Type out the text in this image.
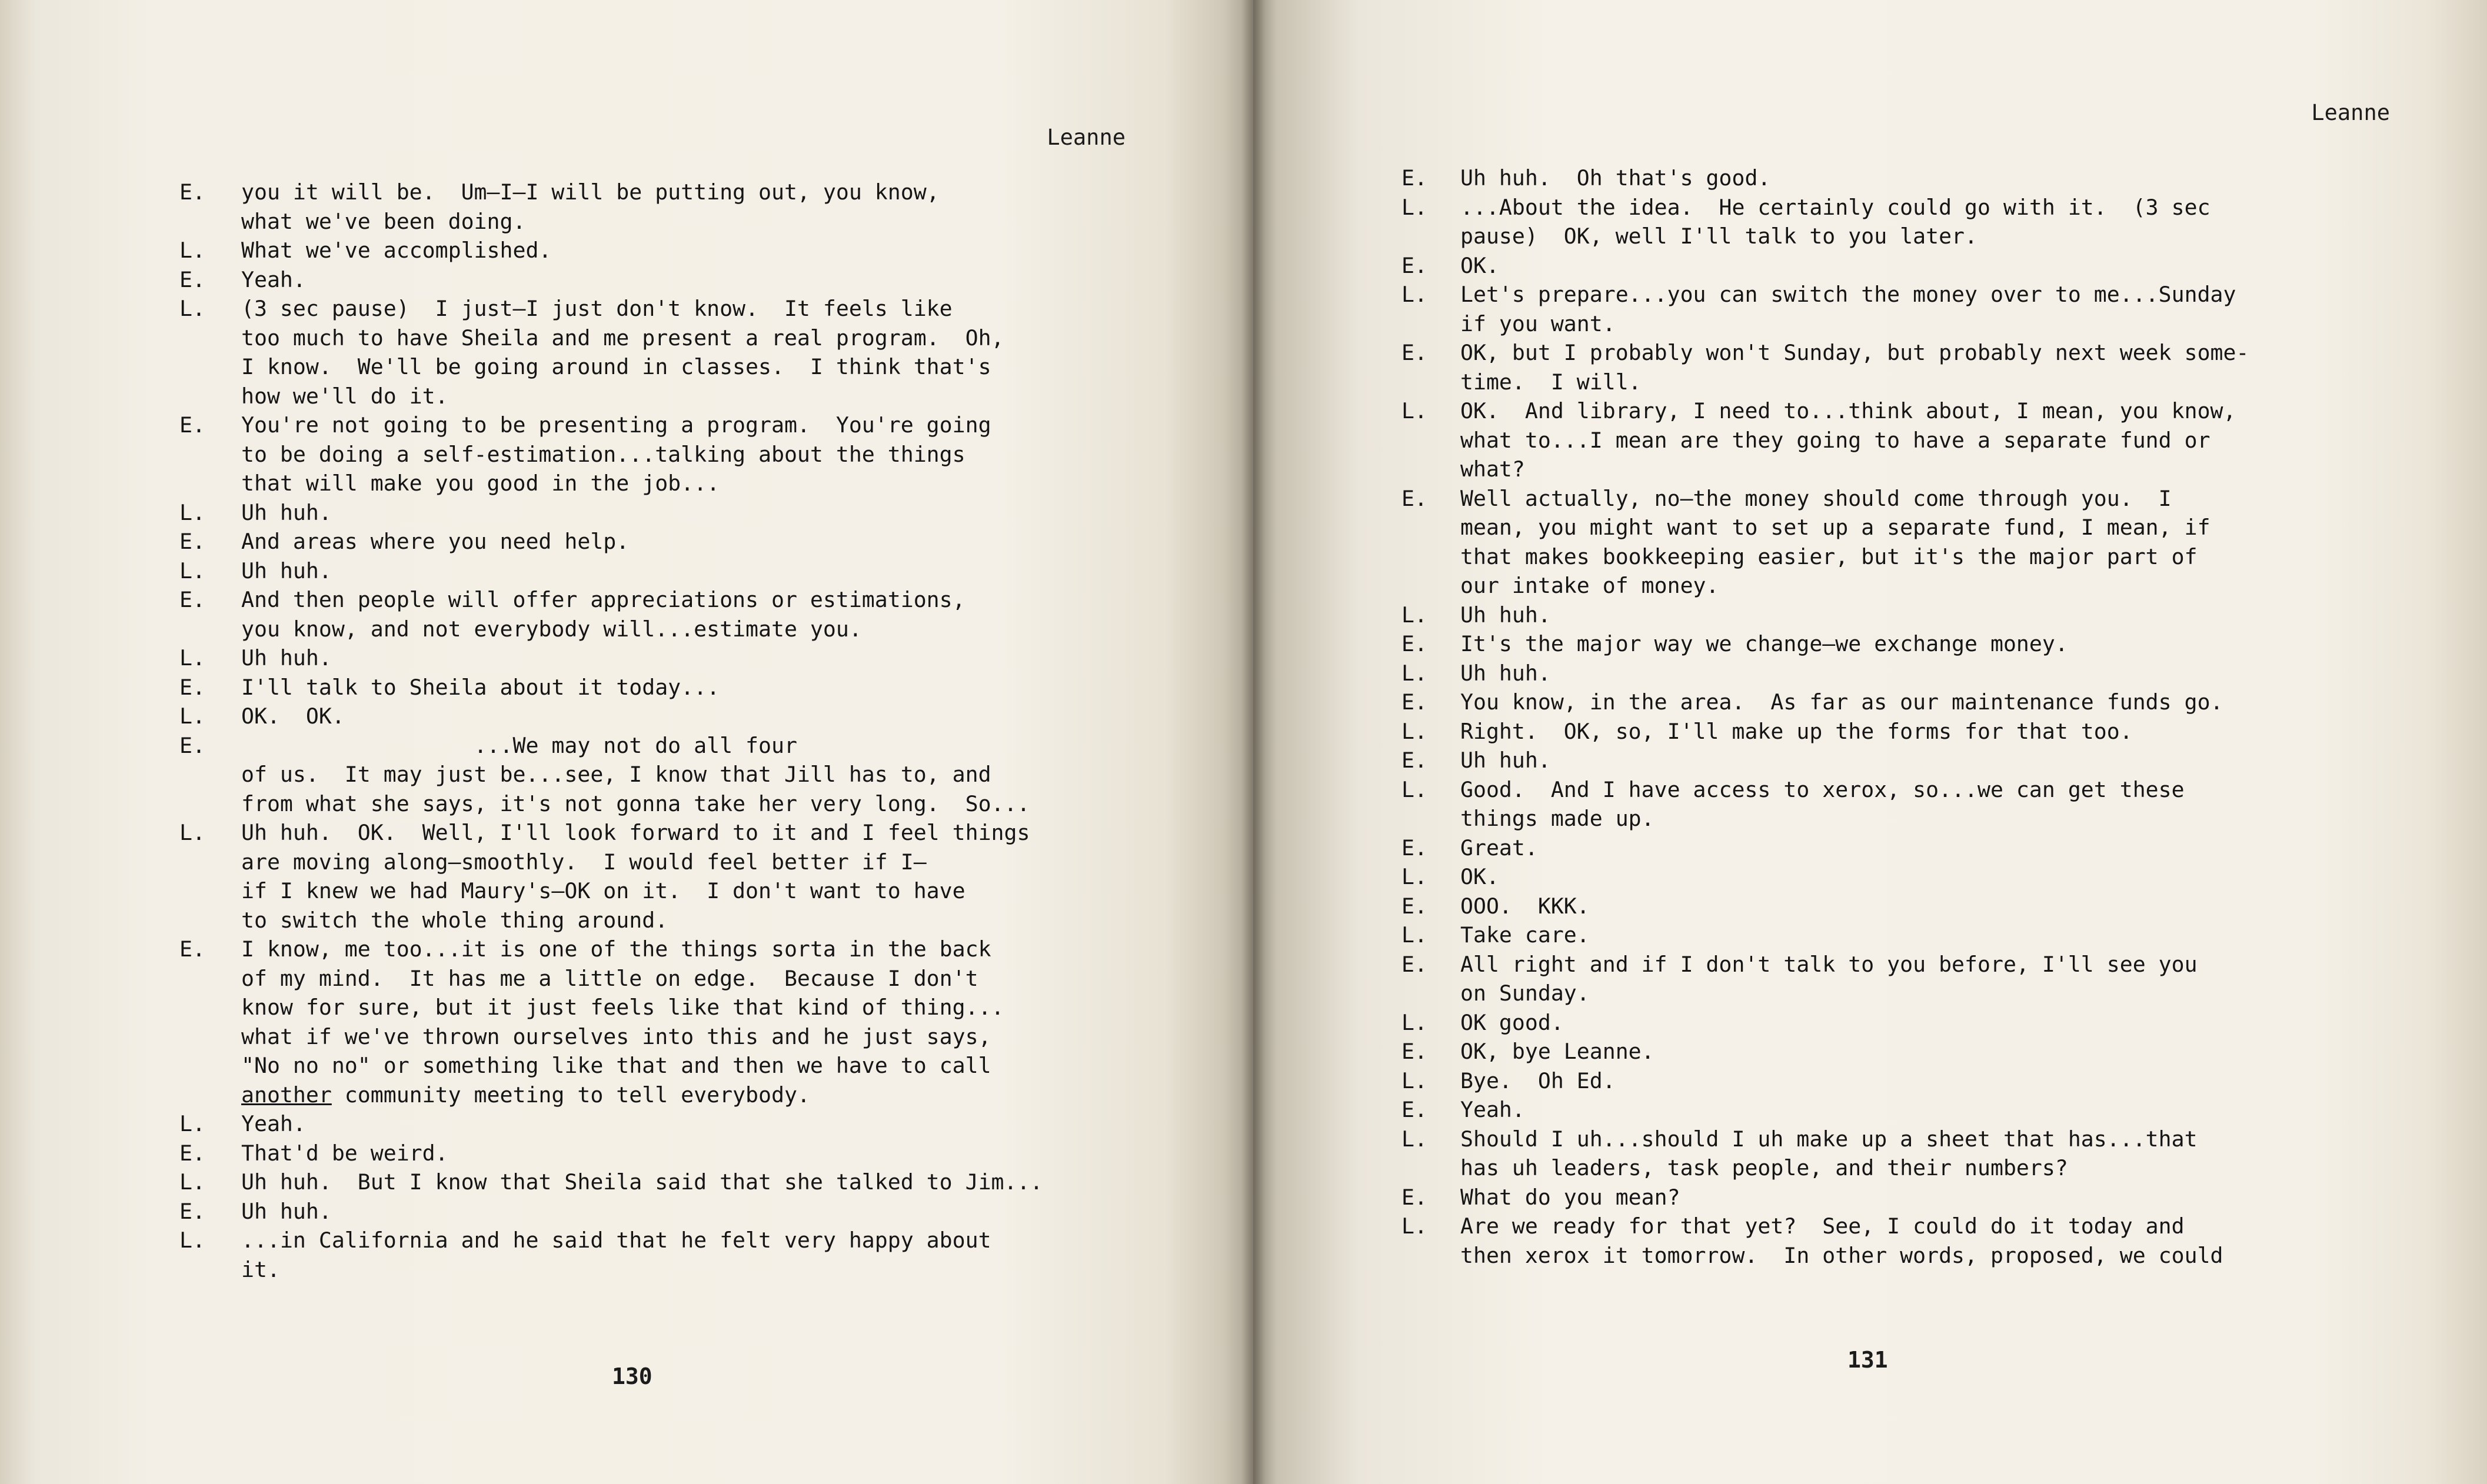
Leanne
E.	you it will be.  Um—I—I will be putting out, you know,
what we've been doing.
L.	What we've accomplished.
E.	Yeah.
L.	(3 sec pause)  I just—I just don't know.  It feels like
too much to have Sheila and me present a real program.  Oh,
I know.  We'll be going around in classes.  I think that's
how we'll do it.
E.	You're not going to be presenting a program.  You're going
to be doing a self-estimation...talking about the things
that will make you good in the job...
L.	Uh huh.
E.	And areas where you need help.
L.	Uh huh.
E.	And then people will offer appreciations or estimations,
you know, and not everybody will...estimate you.
L.	Uh huh.
E.	I'll talk to Sheila about it today...
L.	OK.  OK.
E.	...We may not do all four
of us.  It may just be...see, I know that Jill has to, and
from what she says, it's not gonna take her very long.  So...
L.	Uh huh.  OK.  Well, I'll look forward to it and I feel things
are moving along—smoothly.  I would feel better if I—
if I knew we had Maury's—OK on it.  I don't want to have
to switch the whole thing around.
E.	I know, me too...it is one of the things sorta in the back
of my mind.  It has me a little on edge.  Because I don't
know for sure, but it just feels like that kind of thing...
what if we've thrown ourselves into this and he just says,
"No no no" or something like that and then we have to call
another community meeting to tell everybody.
L.	Yeah.
E.	That'd be weird.
L.	Uh huh.  But I know that Sheila said that she talked to Jim...
E.	Uh huh.
L.	...in California and he said that he felt very happy about
it.
130
Leanne
E.	Uh huh.  Oh that's good.
L.	...About the idea.  He certainly could go with it.  (3 sec
pause)  OK, well I'll talk to you later.
E.	OK.
L.	Let's prepare...you can switch the money over to me...Sunday
if you want.
E.	OK, but I probably won't Sunday, but probably next week some-
time.  I will.
L.	OK.  And library, I need to...think about, I mean, you know,
what to...I mean are they going to have a separate fund or
what?
E.	Well actually, no—the money should come through you.  I
mean, you might want to set up a separate fund, I mean, if
that makes bookkeeping easier, but it's the major part of
our intake of money.
L.	Uh huh.
E.	It's the major way we change—we exchange money.
L.	Uh huh.
E.	You know, in the area.  As far as our maintenance funds go.
L.	Right.  OK, so, I'll make up the forms for that too.
E.	Uh huh.
L.	Good.  And I have access to xerox, so...we can get these
things made up.
E.	Great.
L.	OK.
E.	OOO.  KKK.
L.	Take care.
E.	All right and if I don't talk to you before, I'll see you
on Sunday.
L.	OK good.
E.	OK, bye Leanne.
L.	Bye.  Oh Ed.
E.	Yeah.
L.	Should I uh...should I uh make up a sheet that has...that
has uh leaders, task people, and their numbers?
E.	What do you mean?
L.	Are we ready for that yet?  See, I could do it today and
then xerox it tomorrow.  In other words, proposed, we could
131
